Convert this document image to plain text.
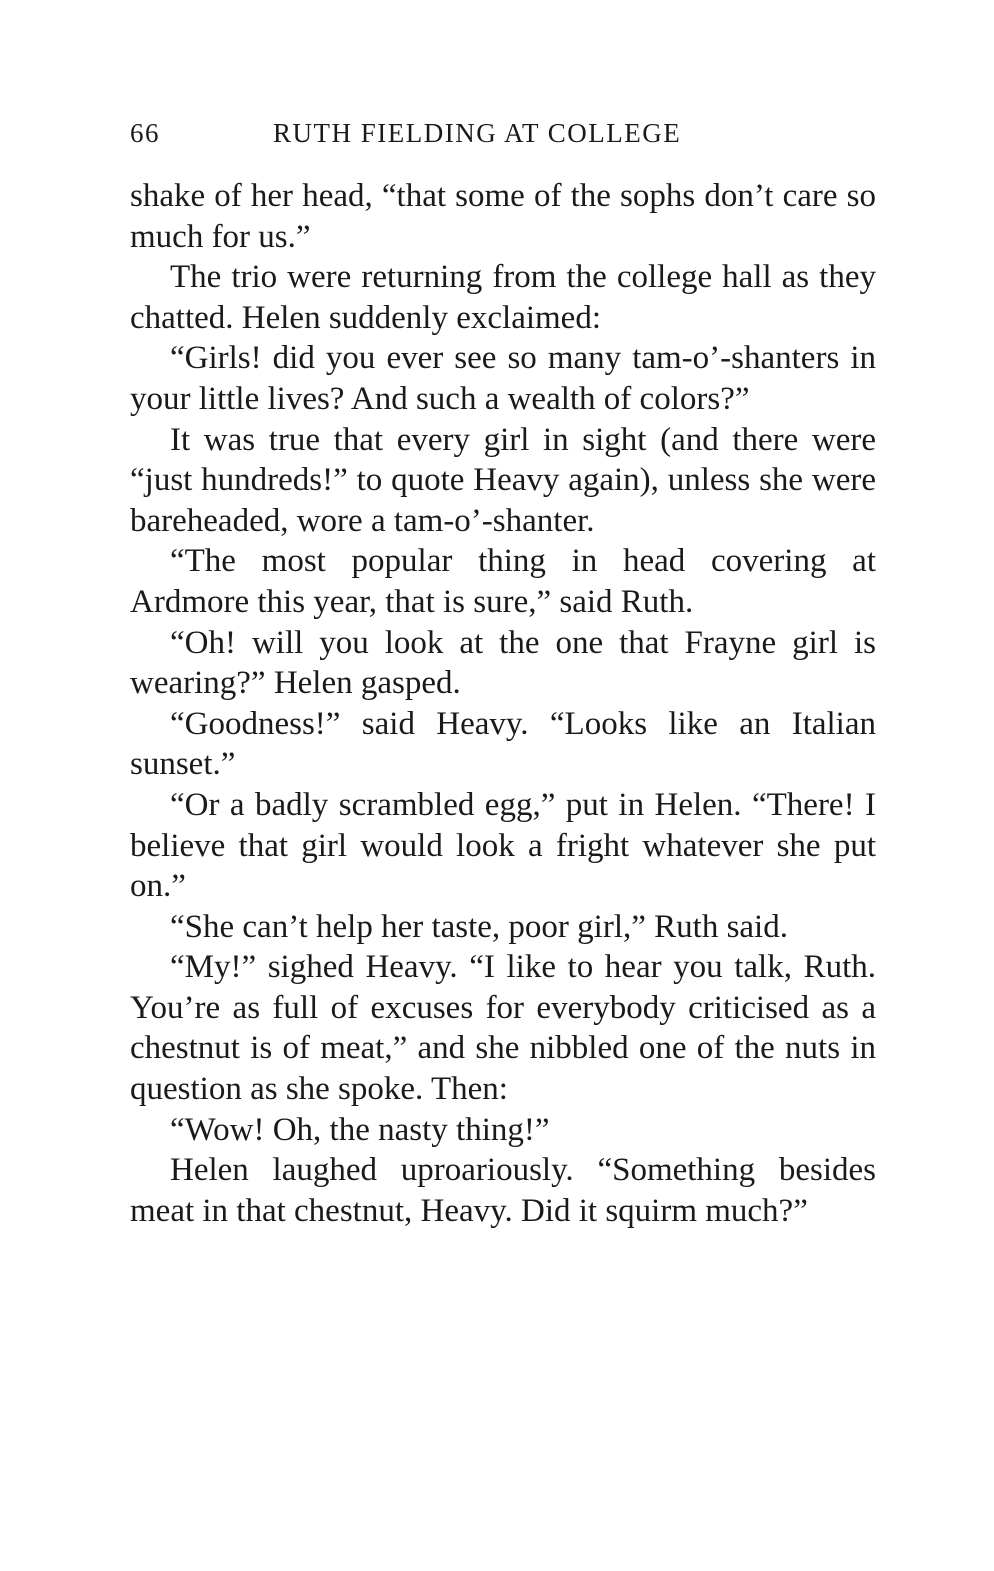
66	RUTH FIELDING AT COLLEGE

shake of her head, “that some of the sophs don’t care so much for us.”

The trio were returning from the college hall as they chatted. Helen suddenly exclaimed:

“Girls! did you ever see so many tam-o’-shanters in your little lives? And such a wealth of colors?”

It was true that every girl in sight (and there were “just hundreds!” to quote Heavy again), unless she were bareheaded, wore a tam-o’-shanter.

“The most popular thing in head covering at Ardmore this year, that is sure,” said Ruth.

“Oh! will you look at the one that Frayne girl is wearing?” Helen gasped.

“Goodness!” said Heavy. “Looks like an Italian sunset.”

“Or a badly scrambled egg,” put in Helen. “There! I believe that girl would look a fright whatever she put on.”

“She can’t help her taste, poor girl,” Ruth said.

“My!” sighed Heavy. “I like to hear you talk, Ruth. You’re as full of excuses for everybody criticised as a chestnut is of meat,” and she nibbled one of the nuts in question as she spoke. Then:

“Wow! Oh, the nasty thing!”

Helen laughed uproariously. “Something besides meat in that chestnut, Heavy. Did it squirm much?”
